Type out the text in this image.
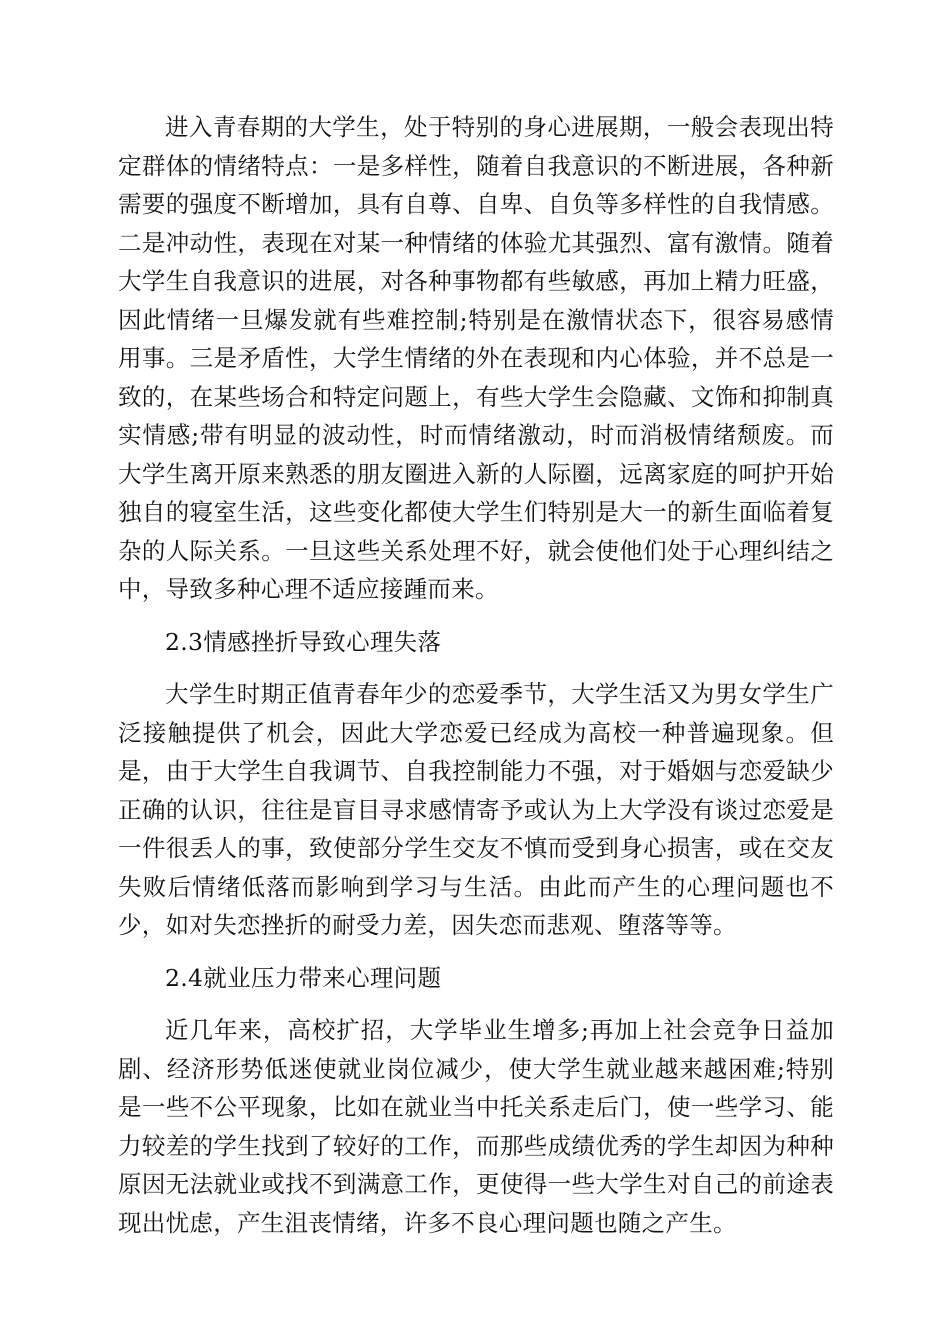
进入青春期的大学生，处于特别的身心进展期，一般会表现出特定群体的情绪特点：一是多样性，随着自我意识的不断进展，各种新需要的强度不断增加，具有自尊、自卑、自负等多样性的自我情感。二是冲动性，表现在对某一种情绪的体验尤其强烈、富有激情。随着大学生自我意识的进展，对各种事物都有些敏感，再加上精力旺盛，因此情绪一旦爆发就有些难控制;特别是在激情状态下，很容易感情用事。三是矛盾性，大学生情绪的外在表现和内心体验，并不总是一致的，在某些场合和特定问题上，有些大学生会隐藏、文饰和抑制真实情感;带有明显的波动性，时而情绪激动，时而消极情绪颓废。而大学生离开原来熟悉的朋友圈进入新的人际圈，远离家庭的呵护开始独自的寝室生活，这些变化都使大学生们特别是大一的新生面临着复杂的人际关系。一旦这些关系处理不好，就会使他们处于心理纠结之中，导致多种心理不适应接踵而来。

2.3情感挫折导致心理失落

大学生时期正值青春年少的恋爱季节，大学生活又为男女学生广泛接触提供了机会，因此大学恋爱已经成为高校一种普遍现象。但是，由于大学生自我调节、自我控制能力不强，对于婚姻与恋爱缺少正确的认识，往往是盲目寻求感情寄予或认为上大学没有谈过恋爱是一件很丢人的事，致使部分学生交友不慎而受到身心损害，或在交友失败后情绪低落而影响到学习与生活。由此而产生的心理问题也不少，如对失恋挫折的耐受力差，因失恋而悲观、堕落等等。

2.4就业压力带来心理问题

近几年来，高校扩招，大学毕业生增多;再加上社会竞争日益加剧、经济形势低迷使就业岗位减少，使大学生就业越来越困难;特别是一些不公平现象，比如在就业当中托关系走后门，使一些学习、能力较差的学生找到了较好的工作，而那些成绩优秀的学生却因为种种原因无法就业或找不到满意工作，更使得一些大学生对自己的前途表现出忧虑，产生沮丧情绪，许多不良心理问题也随之产生。
